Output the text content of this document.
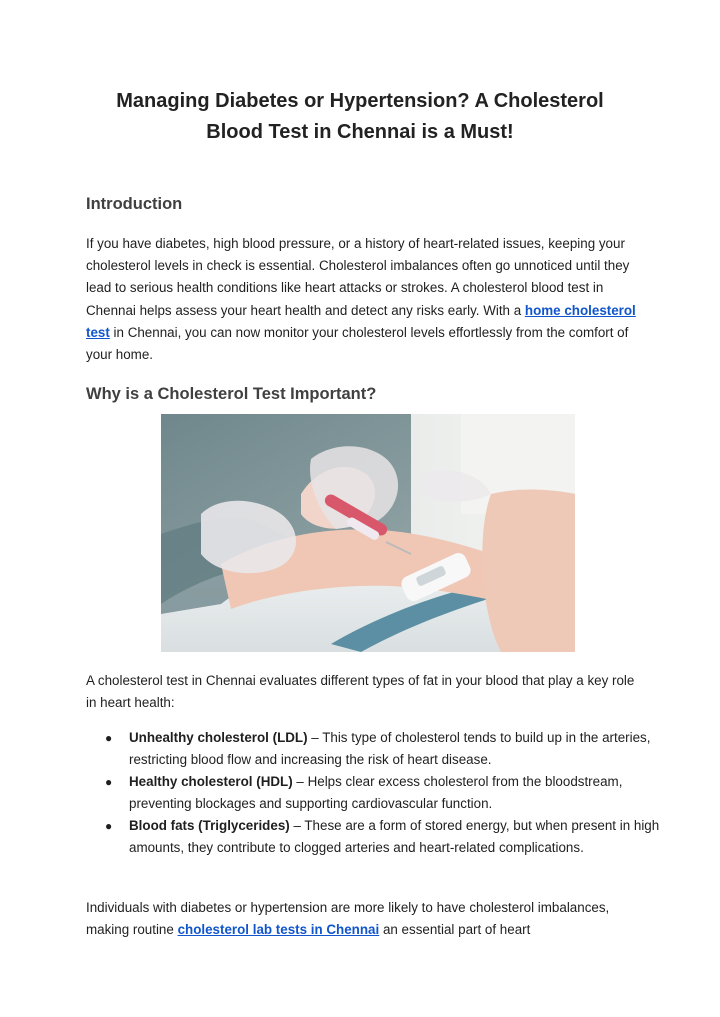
Managing Diabetes or Hypertension? A Cholesterol
Blood Test in Chennai is a Must!
Introduction

If you have diabetes, high blood pressure, or a history of heart-related issues, keeping your cholesterol levels in check is essential. Cholesterol imbalances often go unnoticed until they lead to serious health conditions like heart attacks or strokes. A cholesterol blood test in Chennai helps assess your heart health and detect any risks early. With a home cholesterol test in Chennai, you can now monitor your cholesterol levels effortlessly from the comfort of your home.

Why is a Cholesterol Test Important?

A cholesterol test in Chennai evaluates different types of fat in your blood that play a key role in heart health:

● Unhealthy cholesterol (LDL) – This type of cholesterol tends to build up in the arteries, restricting blood flow and increasing the risk of heart disease.
● Healthy cholesterol (HDL) – Helps clear excess cholesterol from the bloodstream, preventing blockages and supporting cardiovascular function.
● Blood fats (Triglycerides) – These are a form of stored energy, but when present in high amounts, they contribute to clogged arteries and heart-related complications.

Individuals with diabetes or hypertension are more likely to have cholesterol imbalances, making routine cholesterol lab tests in Chennai an essential part of heart
